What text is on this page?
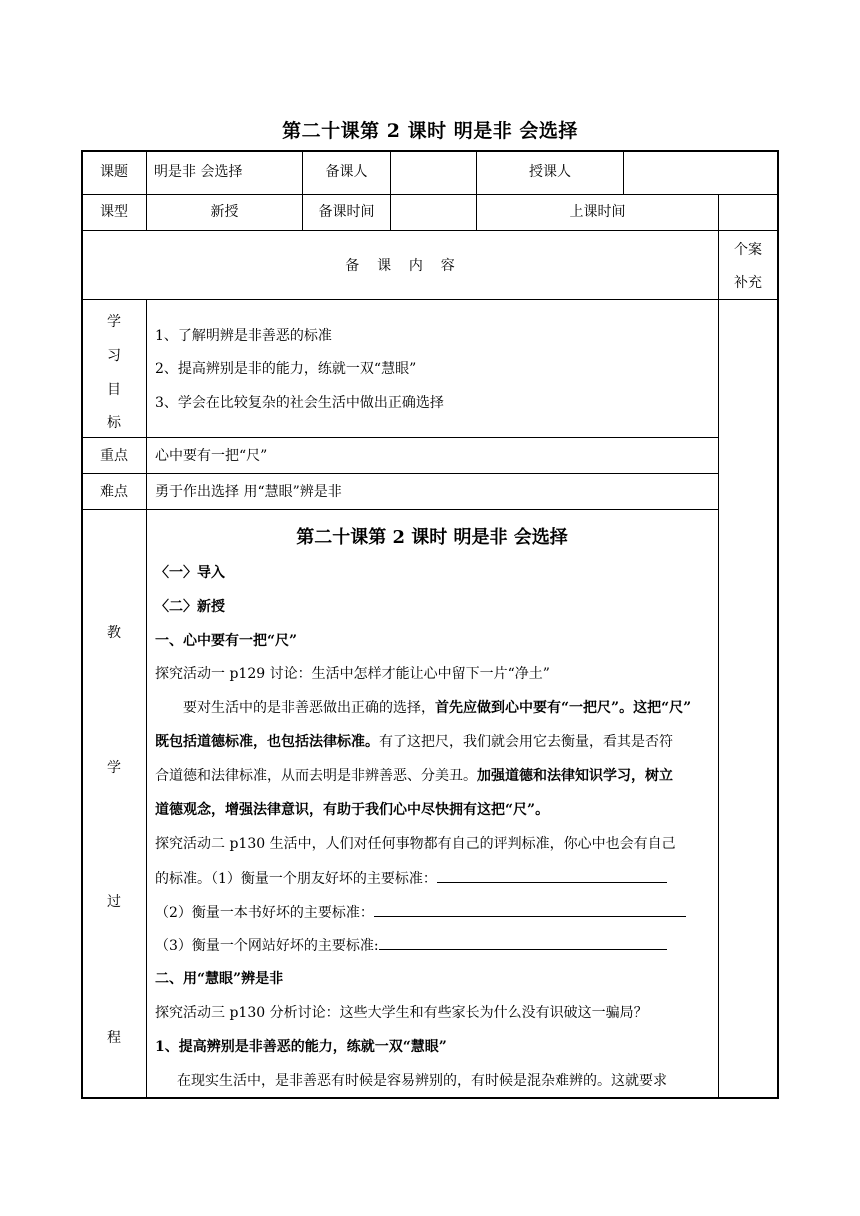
第二十课第 2 课时 明是非 会选择
课题	明是非 会选择	备课人	授课人
课型	新授	备课时间	上课时间
备    课    内    容
个案
补充
学
习
目
标
1、了解明辨是非善恶的标准
2、提高辨别是非的能力，练就一双“慧眼”
3、学会在比较复杂的社会生活中做出正确选择
重点	心中要有一把“尺”
难点	勇于作出选择 用“慧眼”辨是非
教
学
过
程
第二十课第 2 课时 明是非 会选择
〈一〉导入
〈二〉新授
一、心中要有一把“尺”
探究活动一 p129 讨论：生活中怎样才能让心中留下一片“净土”
要对生活中的是非善恶做出正确的选择，首先应做到心中要有“一把尺”。这把“尺”
既包括道德标准，也包括法律标准。有了这把尺，我们就会用它去衡量，看其是否符
合道德和法律标准，从而去明是非辨善恶、分美丑。加强道德和法律知识学习，树立
道德观念，增强法律意识，有助于我们心中尽快拥有这把“尺”。
探究活动二 p130 生活中，人们对任何事物都有自己的评判标准，你心中也会有自己
的标准。（1）衡量一个朋友好坏的主要标准：
（2）衡量一本书好坏的主要标准：
（3）衡量一个网站好坏的主要标准:
二、用“慧眼”辨是非
探究活动三 p130 分析讨论：这些大学生和有些家长为什么没有识破这一骗局？
1、提高辨别是非善恶的能力，练就一双“慧眼”
在现实生活中，是非善恶有时候是容易辨别的，有时候是混杂难辨的。这就要求
